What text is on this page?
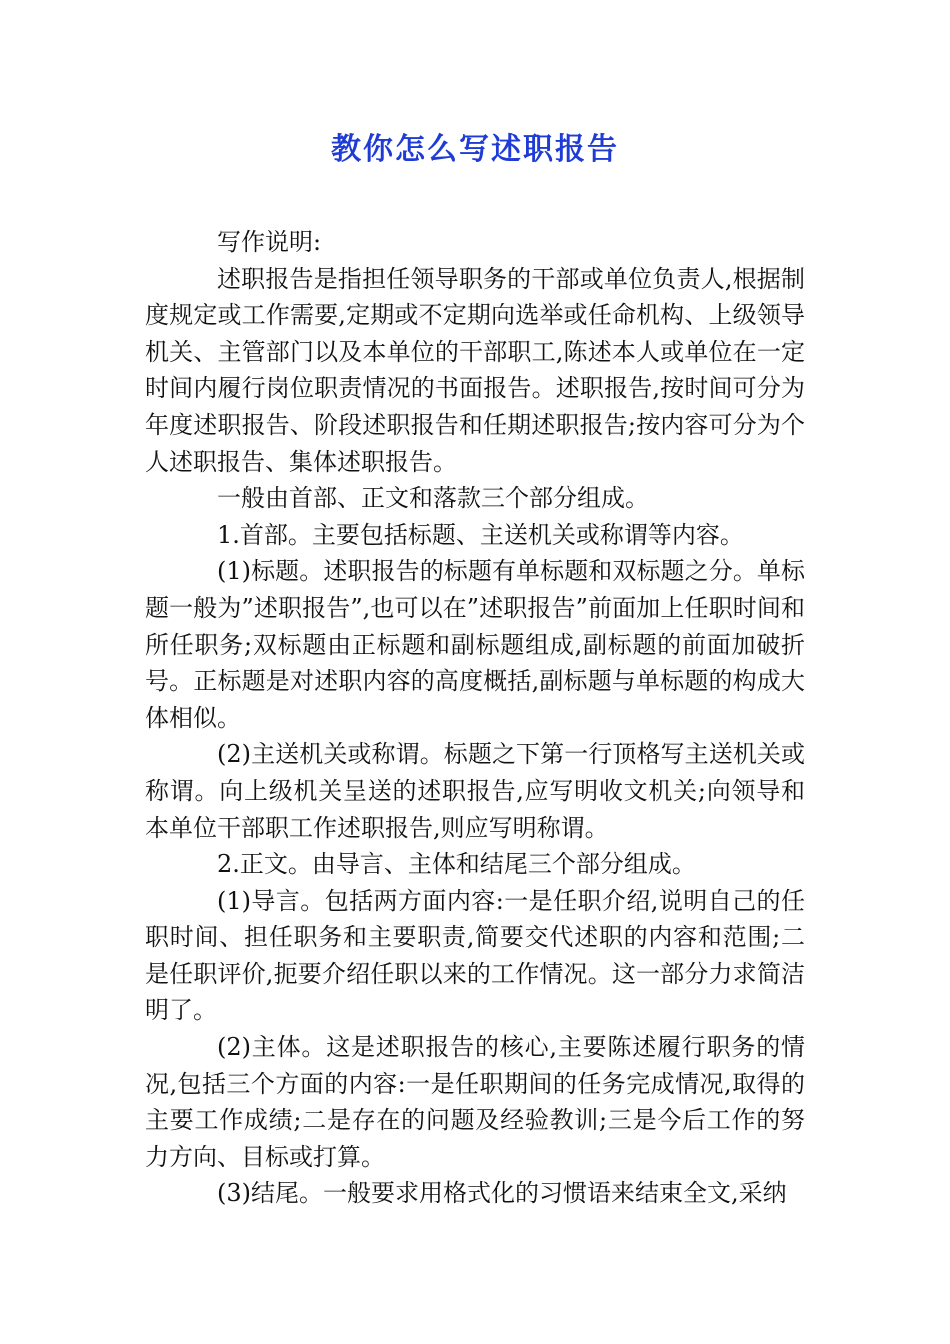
教你怎么写述职报告

写作说明:

述职报告是指担任领导职务的干部或单位负责人,根据制度规定或工作需要,定期或不定期向选举或任命机构、上级领导机关、主管部门以及本单位的干部职工,陈述本人或单位在一定时间内履行岗位职责情况的书面报告。述职报告,按时间可分为年度述职报告、阶段述职报告和任期述职报告;按内容可分为个人述职报告、集体述职报告。

一般由首部、正文和落款三个部分组成。

1.首部。主要包括标题、主送机关或称谓等内容。

(1)标题。述职报告的标题有单标题和双标题之分。单标题一般为”述职报告”,也可以在”述职报告”前面加上任职时间和所任职务;双标题由正标题和副标题组成,副标题的前面加破折号。正标题是对述职内容的高度概括,副标题与单标题的构成大体相似。

(2)主送机关或称谓。标题之下第一行顶格写主送机关或称谓。向上级机关呈送的述职报告,应写明收文机关;向领导和本单位干部职工作述职报告,则应写明称谓。

2.正文。由导言、主体和结尾三个部分组成。

(1)导言。包括两方面内容:一是任职介绍,说明自己的任职时间、担任职务和主要职责,简要交代述职的内容和范围;二是任职评价,扼要介绍任职以来的工作情况。这一部分力求简洁明了。

(2)主体。这是述职报告的核心,主要陈述履行职务的情况,包括三个方面的内容:一是任职期间的任务完成情况,取得的主要工作成绩;二是存在的问题及经验教训;三是今后工作的努力方向、目标或打算。

(3)结尾。一般要求用格式化的习惯语来结束全文,采纳
